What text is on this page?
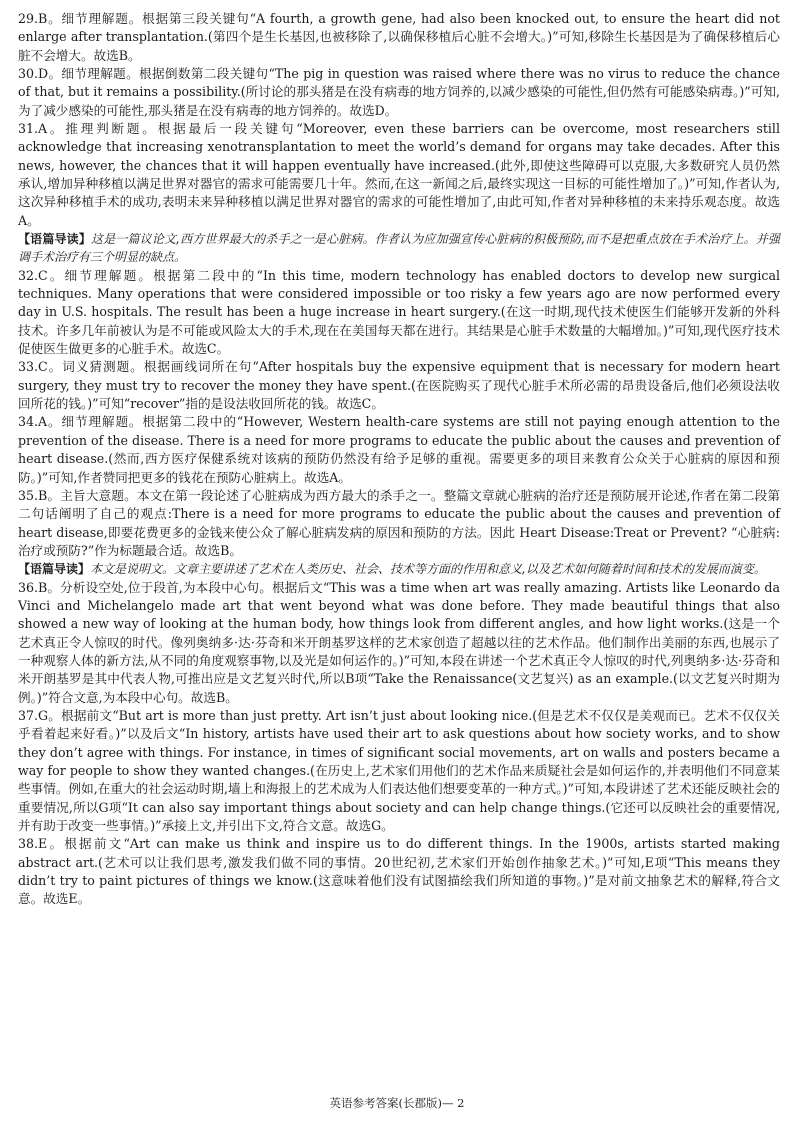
29.B。细节理解题。根据第三段关键句“A fourth, a growth gene, had also been knocked out, to ensure the heart did not enlarge after transplantation.(第四个是生长基因,也被移除了,以确保移植后心脏不会增大。)”可知,移除生长基因是为了确保移植后心脏不会增大。故选B。

30.D。细节理解题。根据倒数第二段关键句“The pig in question was raised where there was no virus to reduce the chance of that, but it remains a possibility.(所讨论的那头猪是在没有病毒的地方饲养的,以减少感染的可能性,但仍然有可能感染病毒。)”可知,为了减少感染的可能性,那头猪是在没有病毒的地方饲养的。故选D。

31.A。推理判断题。根据最后一段关键句“Moreover, even these barriers can be overcome, most researchers still acknowledge that increasing xenotransplantation to meet the world’s demand for organs may take decades. After this news, however, the chances that it will happen eventually have increased.(此外,即使这些障碍可以克服,大多数研究人员仍然承认,增加异种移植以满足世界对器官的需求可能需要几十年。然而,在这一新闻之后,最终实现这一目标的可能性增加了。)”可知,作者认为,这次异种移植手术的成功,表明未来异种移植以满足世界对器官的需求的可能性增加了,由此可知,作者对异种移植的未来持乐观态度。故选A。

【语篇导读】这是一篇议论文,西方世界最大的杀手之一是心脏病。作者认为应加强宣传心脏病的积极预防,而不是把重点放在手术治疗上。并强调手术治疗有三个明显的缺点。

32.C。细节理解题。根据第二段中的“In this time, modern technology has enabled doctors to develop new surgical techniques. Many operations that were considered impossible or too risky a few years ago are now performed every day in U.S. hospitals. The result has been a huge increase in heart surgery.(在这一时期,现代技术使医生们能够开发新的外科技术。许多几年前被认为是不可能或风险太大的手术,现在在美国每天都在进行。其结果是心脏手术数量的大幅增加。)”可知,现代医疗技术促使医生做更多的心脏手术。故选C。

33.C。词义猜测题。根据画线词所在句“After hospitals buy the expensive equipment that is necessary for modern heart surgery, they must try to recover the money they have spent.(在医院购买了现代心脏手术所必需的昂贵设备后,他们必须设法收回所花的钱。)”可知“recover”指的是设法收回所花的钱。故选C。

34.A。细节理解题。根据第二段中的“However, Western health-care systems are still not paying enough attention to the prevention of the disease. There is a need for more programs to educate the public about the causes and prevention of heart disease.(然而,西方医疗保健系统对该病的预防仍然没有给予足够的重视。需要更多的项目来教育公众关于心脏病的原因和预防。)”可知,作者赞同把更多的钱花在预防心脏病上。故选A。

35.B。主旨大意题。本文在第一段论述了心脏病成为西方最大的杀手之一。整篇文章就心脏病的治疗还是预防展开论述,作者在第二段第二句话阐明了自己的观点:There is a need for more programs to educate the public about the causes and prevention of heart disease,即要花费更多的金钱来使公众了解心脏病发病的原因和预防的方法。因此 Heart Disease:Treat or Prevent? “心脏病:治疗或预防?”作为标题最合适。故选B。

【语篇导读】本文是说明文。文章主要讲述了艺术在人类历史、社会、技术等方面的作用和意义,以及艺术如何随着时间和技术的发展而演变。

36.B。分析设空处,位于段首,为本段中心句。根据后文“This was a time when art was really amazing. Artists like Leonardo da Vinci and Michelangelo made art that went beyond what was done before. They made beautiful things that also showed a new way of looking at the human body, how things look from different angles, and how light works.(这是一个艺术真正令人惊叹的时代。像列奥纳多·达·芬奇和米开朗基罗这样的艺术家创造了超越以往的艺术作品。他们制作出美丽的东西,也展示了一种观察人体的新方法,从不同的角度观察事物,以及光是如何运作的。)”可知,本段在讲述一个艺术真正令人惊叹的时代,列奥纳多·达·芬奇和米开朗基罗是其中代表人物,可推出应是文艺复兴时代,所以B项“Take the Renaissance(文艺复兴) as an example.(以文艺复兴时期为例。)”符合文意,为本段中心句。故选B。

37.G。根据前文“But art is more than just pretty. Art isn’t just about looking nice.(但是艺术不仅仅是美观而已。艺术不仅仅关乎看着起来好看。)”以及后文“In history, artists have used their art to ask questions about how society works, and to show they don’t agree with things. For instance, in times of significant social movements, art on walls and posters became a way for people to show they wanted changes.(在历史上,艺术家们用他们的艺术作品来质疑社会是如何运作的,并表明他们不同意某些事情。例如,在重大的社会运动时期,墙上和海报上的艺术成为人们表达他们想要变革的一种方式。)”可知,本段讲述了艺术还能反映社会的重要情况,所以G项“It can also say important things about society and can help change things.(它还可以反映社会的重要情况,并有助于改变一些事情。)”承接上文,并引出下文,符合文意。故选G。

38.E。根据前文“Art can make us think and inspire us to do different things. In the 1900s, artists started making abstract art.(艺术可以让我们思考,激发我们做不同的事情。20世纪初,艺术家们开始创作抽象艺术。)”可知,E项“This means they didn’t try to paint pictures of things we know.(这意味着他们没有试图描绘我们所知道的事物。)”是对前文抽象艺术的解释,符合文意。故选E。

英语参考答案(长郡版)— 2
